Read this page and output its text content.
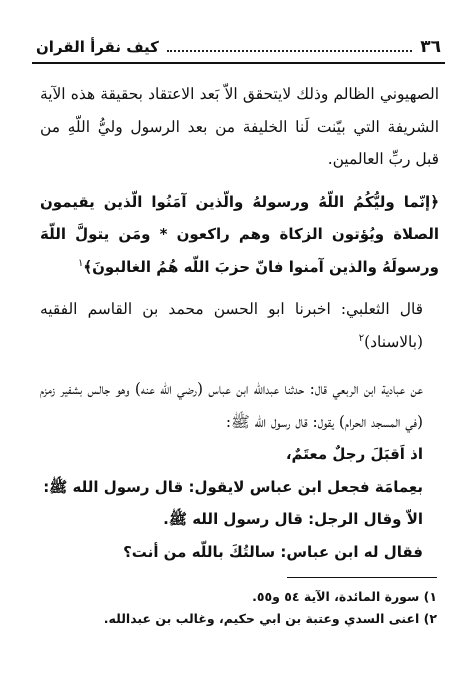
٣٦
كيف نقرأ القران

الصهيوني الظالم وذلك لايتحقق الاّ بَعد الاعتقاد بحقيقة هذه الآية الشريفة التي بيّنت لَنا الخليفة من بعد الرسول وليُّ اللّهِ من قبل ربِّ العالمين.

﴿إنّما وليُّكُمُ اللّهُ ورسولهُ والّذين آمَنُوا الّذين يقيمون الصلاة ويُؤتون الزكاة وهم راكعون * ومَن يتولَّ اللّهَ ورسولَهُ والذين آمنوا فانّ حزبَ اللّه هُمُ الغالبونَ﴾$^١$

قال الثعلبي: اخبرنا ابو الحسن محمد بن القاسم الفقيه (بالاسناد)$^٢$

عن عبادية ابن الربعي قال: حدثنا عبدالله ابن عباس (رضي الله عنه) وهو جالس بشفير زمزم (في المسجد الحرام) يقول: قال رسول الله ﷺ:

اذ اَقبَلَ رجلٌ معتَمٌ،

بعِمامَة فجعل ابن عباس لايقول: قال رسول الله ﷺ:

الاّ وقال الرجل: قال رسول الله ﷺ.

فقال له ابن عباس: سالتُكَ باللّه من أنت؟

١) سورة المائدة، الآية ٥٤ و٥٥.

٢) اعنى السدي وعتبة بن ابي حكيم، وغالب بن عبدالله.
